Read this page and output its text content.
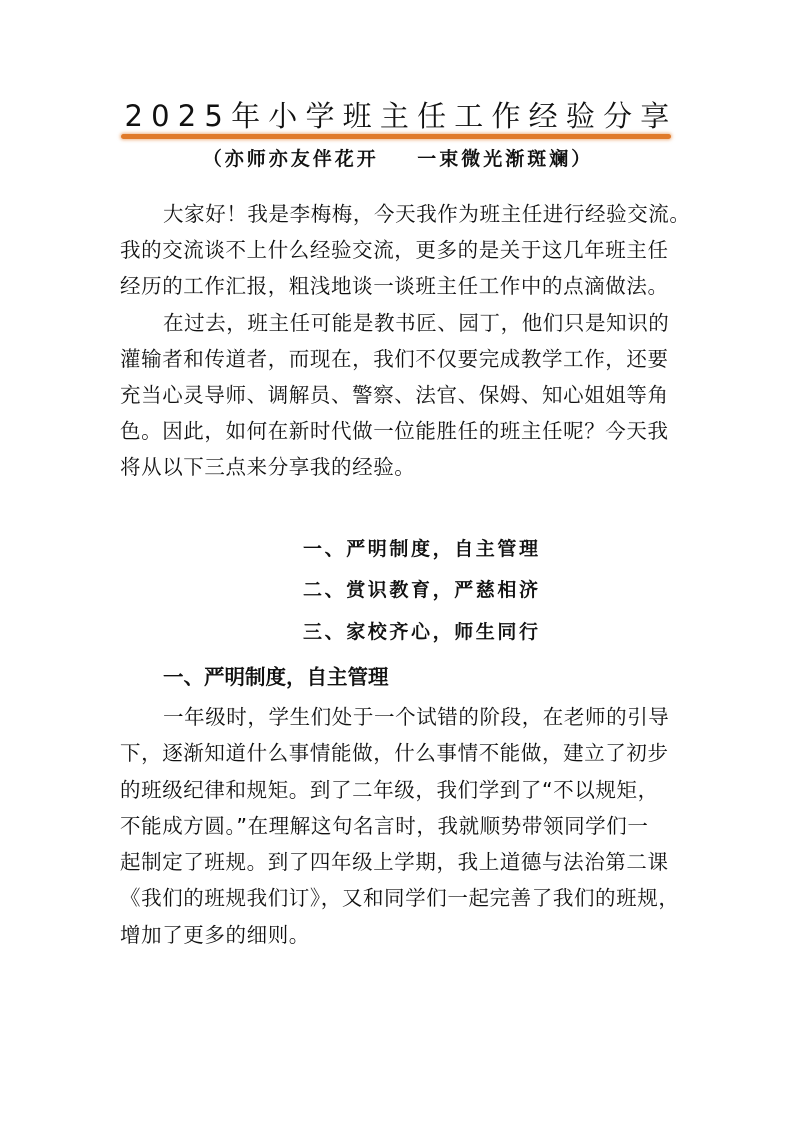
2025年小学班主任工作经验分享
（亦师亦友伴花开    一束微光渐斑斓）
大家好！我是李梅梅，今天我作为班主任进行经验交流。
我的交流谈不上什么经验交流，更多的是关于这几年班主任
经历的工作汇报，粗浅地谈一谈班主任工作中的点滴做法。
在过去，班主任可能是教书匠、园丁，他们只是知识的
灌输者和传道者，而现在，我们不仅要完成教学工作，还要
充当心灵导师、调解员、警察、法官、保姆、知心姐姐等角
色。因此，如何在新时代做一位能胜任的班主任呢？今天我
将从以下三点来分享我的经验。
一、严明制度，自主管理
二、赏识教育，严慈相济
三、家校齐心，师生同行
一、严明制度，自主管理
一年级时，学生们处于一个试错的阶段，在老师的引导
下，逐渐知道什么事情能做，什么事情不能做，建立了初步
的班级纪律和规矩。到了二年级，我们学到了“不以规矩，
不能成方圆。”在理解这句名言时，我就顺势带领同学们一
起制定了班规。到了四年级上学期，我上道德与法治第二课
《我们的班规我们订》，又和同学们一起完善了我们的班规，
增加了更多的细则。
